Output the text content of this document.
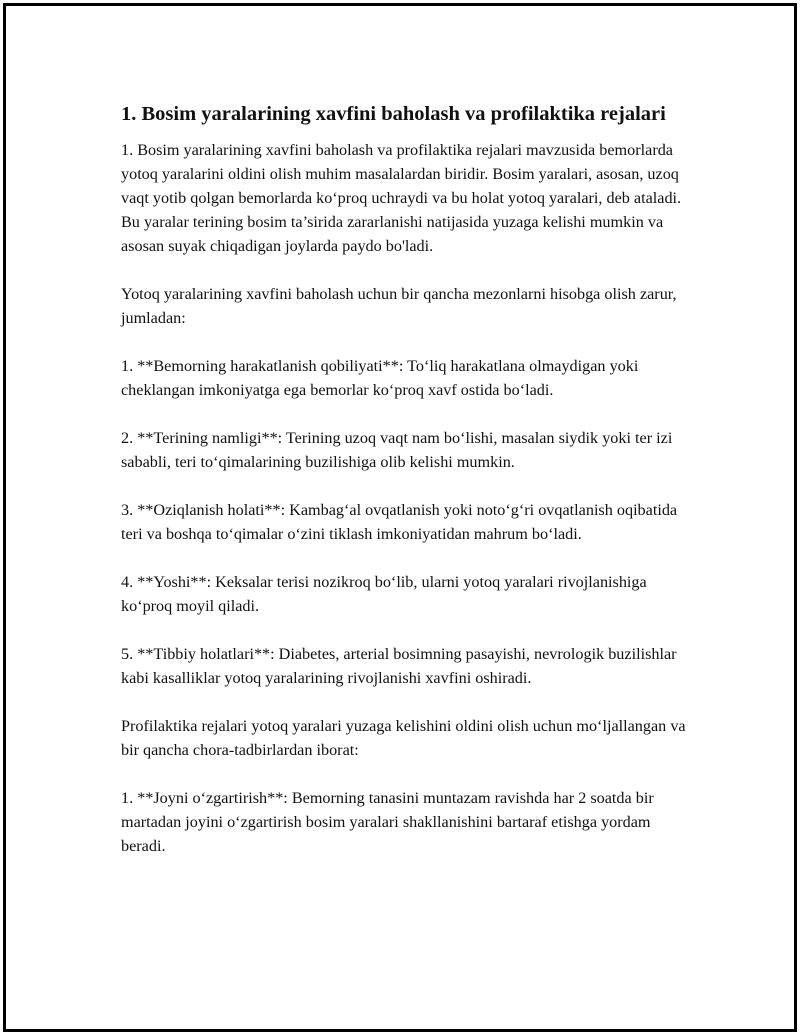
1. Bosim yaralarining xavfini baholash va profilaktika rejalari

1. Bosim yaralarining xavfini baholash va profilaktika rejalari mavzusida bemorlarda yotoq yaralarini oldini olish muhim masalalardan biridir. Bosim yaralari, asosan, uzoq vaqt yotib qolgan bemorlarda ko‘proq uchraydi va bu holat yotoq yaralari, deb ataladi. Bu yaralar terining bosim ta’sirida zararlanishi natijasida yuzaga kelishi mumkin va asosan suyak chiqadigan joylarda paydo bo'ladi.

Yotoq yaralarining xavfini baholash uchun bir qancha mezonlarni hisobga olish zarur, jumladan:

1. **Bemorning harakatlanish qobiliyati**: To‘liq harakatlana olmaydigan yoki cheklangan imkoniyatga ega bemorlar ko‘proq xavf ostida bo‘ladi.

2. **Terining namligi**: Terining uzoq vaqt nam bo‘lishi, masalan siydik yoki ter izi sababli, teri to‘qimalarining buzilishiga olib kelishi mumkin.

3. **Oziqlanish holati**: Kambag‘al ovqatlanish yoki noto‘g‘ri ovqatlanish oqibatida teri va boshqa to‘qimalar o‘zini tiklash imkoniyatidan mahrum bo‘ladi.

4. **Yoshi**: Keksalar terisi nozikroq bo‘lib, ularni yotoq yaralari rivojlanishiga ko‘proq moyil qiladi.

5. **Tibbiy holatlari**: Diabetes, arterial bosimning pasayishi, nevrologik buzilishlar kabi kasalliklar yotoq yaralarining rivojlanishi xavfini oshiradi.

Profilaktika rejalari yotoq yaralari yuzaga kelishini oldini olish uchun mo‘ljallangan va bir qancha chora-tadbirlardan iborat:

1. **Joyni o‘zgartirish**: Bemorning tanasini muntazam ravishda har 2 soatda bir martadan joyini o‘zgartirish bosim yaralari shakllanishini bartaraf etishga yordam beradi.
